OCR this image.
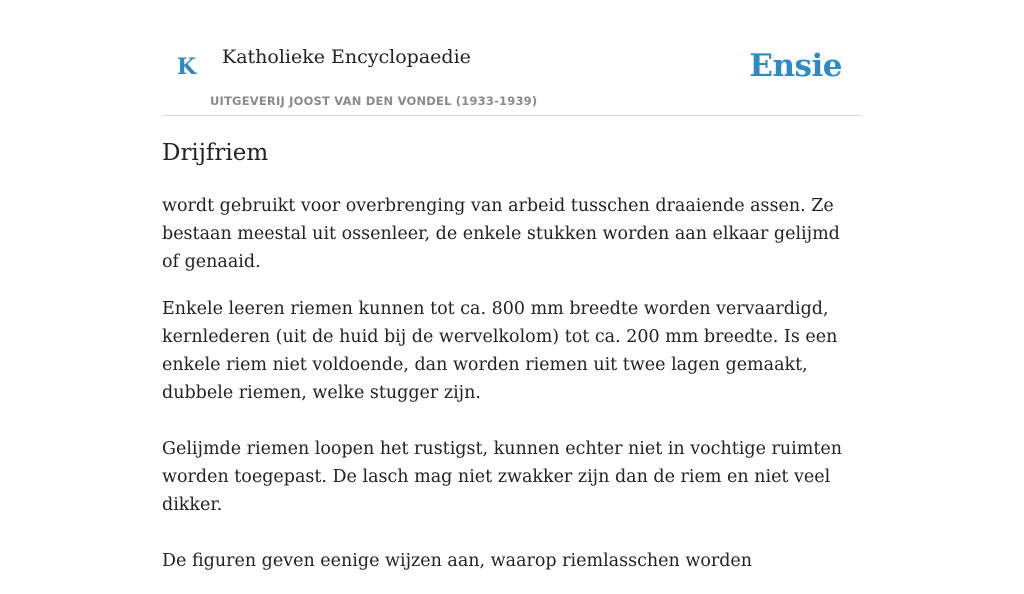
K Katholieke Encyclopaedie
UITGEVERIJ JOOST VAN DEN VONDEL (1933-1939)
Ensie
Drijfriem

wordt gebruikt voor overbrenging van arbeid tusschen draaiende assen. Ze bestaan meestal uit ossenleer, de enkele stukken worden aan elkaar gelijmd of genaaid.

Enkele leeren riemen kunnen tot ca. 800 mm breedte worden vervaardigd, kernlederen (uit de huid bij de wervelkolom) tot ca. 200 mm breedte. Is een enkele riem niet voldoende, dan worden riemen uit twee lagen gemaakt, dubbele riemen, welke stugger zijn.

Gelijmde riemen loopen het rustigst, kunnen echter niet in vochtige ruimten worden toegepast. De lasch mag niet zwakker zijn dan de riem en niet veel dikker.

De figuren geven eenige wijzen aan, waarop riemlasschen worden
